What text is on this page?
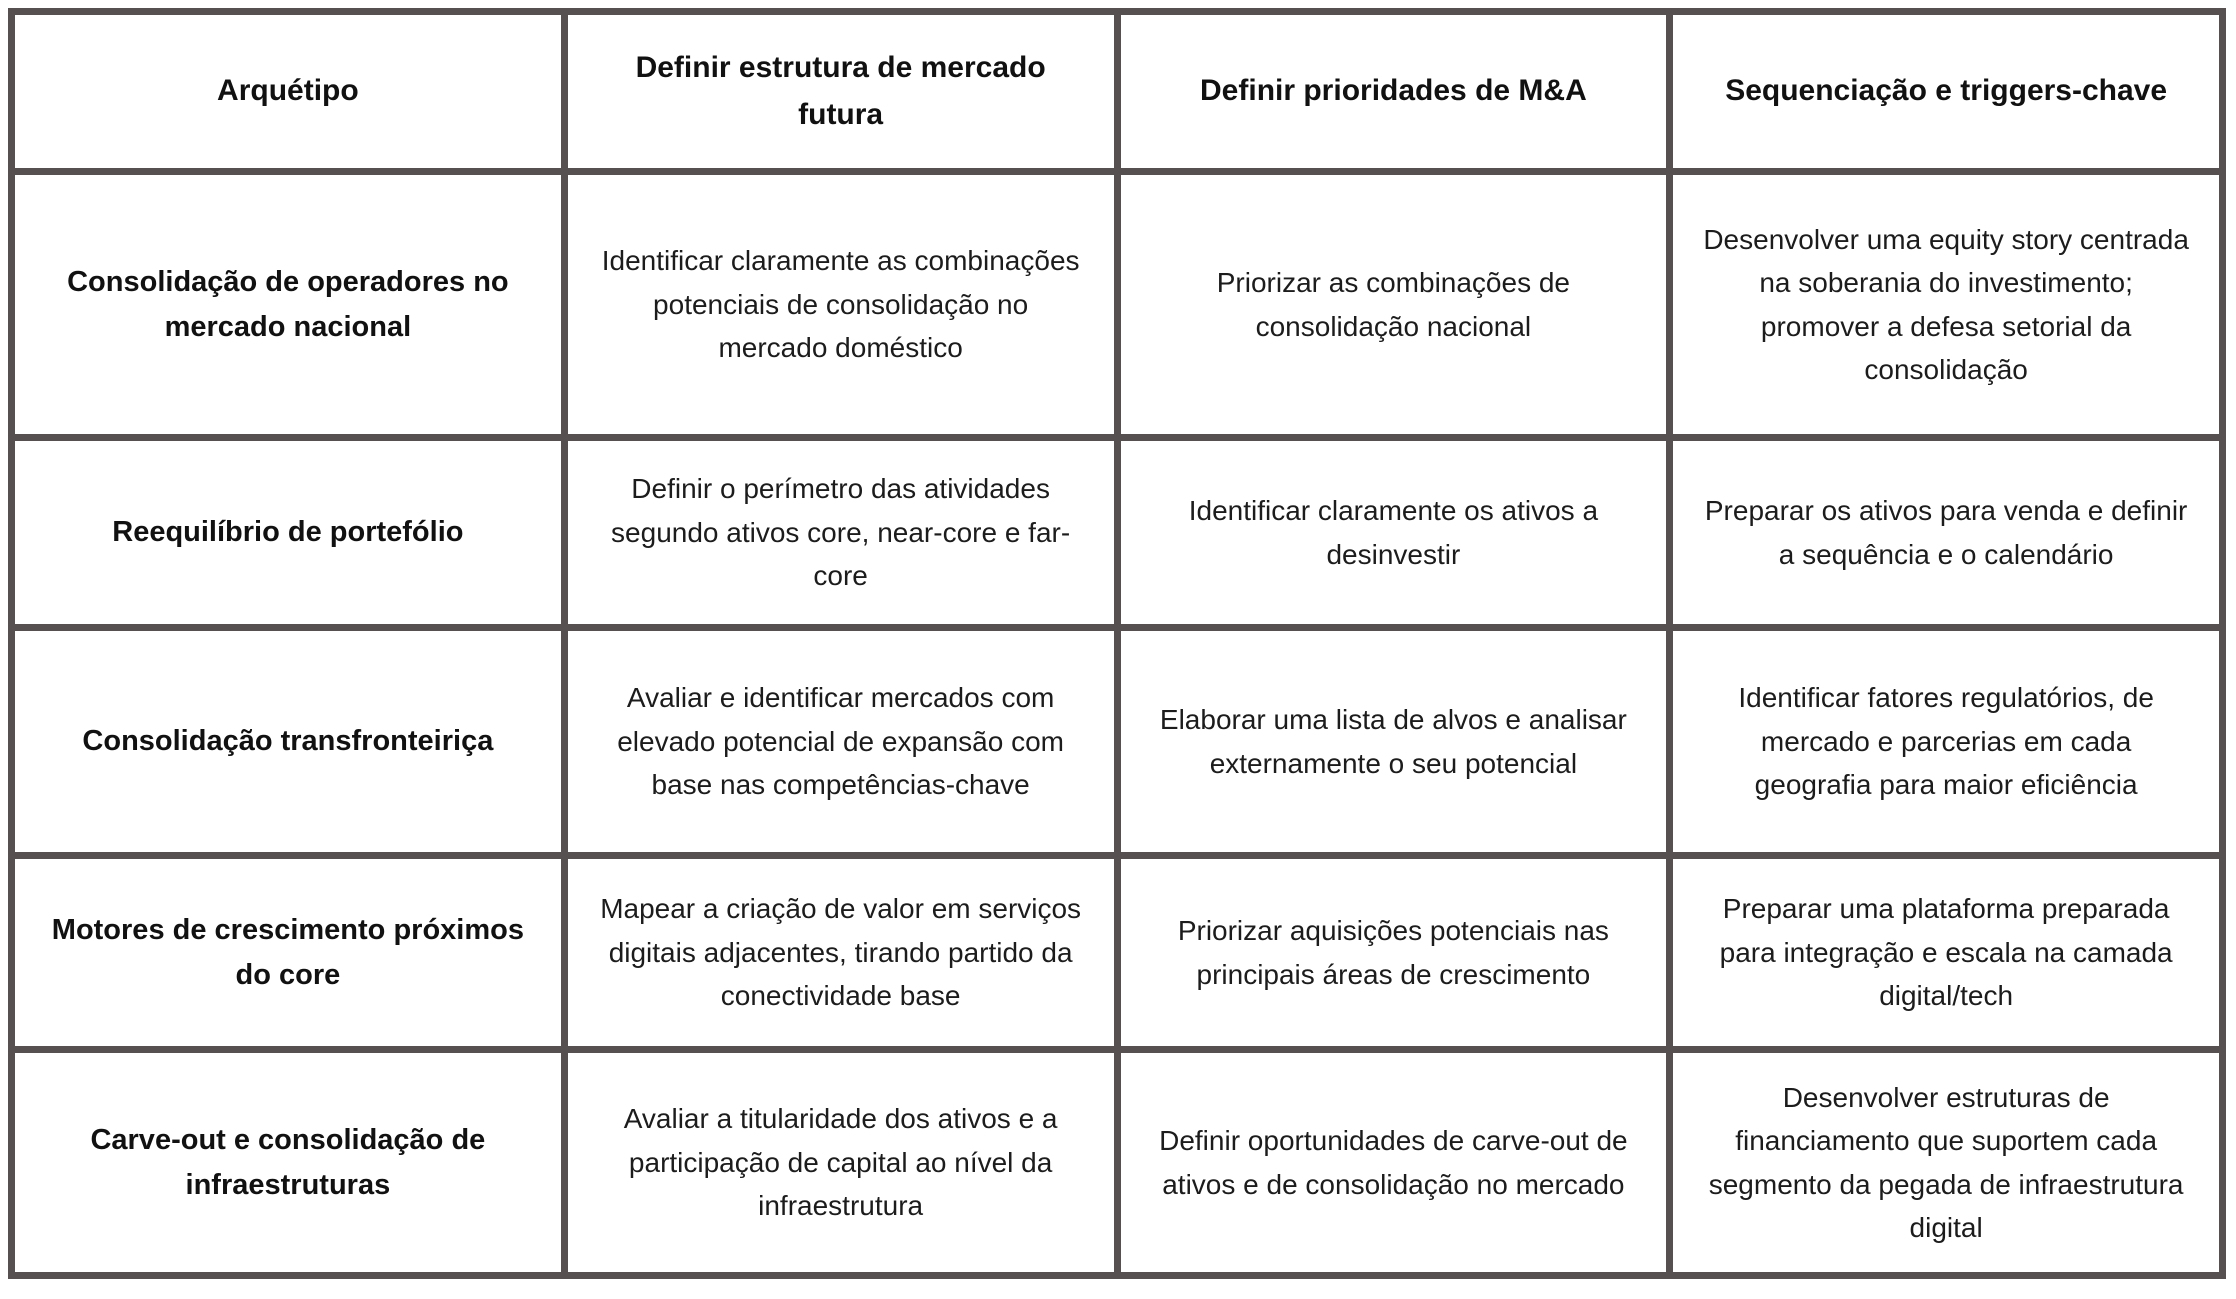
Arquétipo	Definir estrutura de mercado futura	Definir prioridades de M&A	Sequenciação e triggers-chave
Consolidação de operadores no mercado nacional	Identificar claramente as combinações potenciais de consolidação no mercado doméstico	Priorizar as combinações de consolidação nacional	Desenvolver uma equity story centrada na soberania do investimento; promover a defesa setorial da consolidação
Reequilíbrio de portefólio	Definir o perímetro das atividades segundo ativos core, near-core e far-core	Identificar claramente os ativos a desinvestir	Preparar os ativos para venda e definir a sequência e o calendário
Consolidação transfronteiriça	Avaliar e identificar mercados com elevado potencial de expansão com base nas competências-chave	Elaborar uma lista de alvos e analisar externamente o seu potencial	Identificar fatores regulatórios, de mercado e parcerias em cada geografia para maior eficiência
Motores de crescimento próximos do core	Mapear a criação de valor em serviços digitais adjacentes, tirando partido da conectividade base	Priorizar aquisições potenciais nas principais áreas de crescimento	Preparar uma plataforma preparada para integração e escala na camada digital/tech
Carve-out e consolidação de infraestruturas	Avaliar a titularidade dos ativos e a participação de capital ao nível da infraestrutura	Definir oportunidades de carve-out de ativos e de consolidação no mercado	Desenvolver estruturas de financiamento que suportem cada segmento da pegada de infraestrutura digital
